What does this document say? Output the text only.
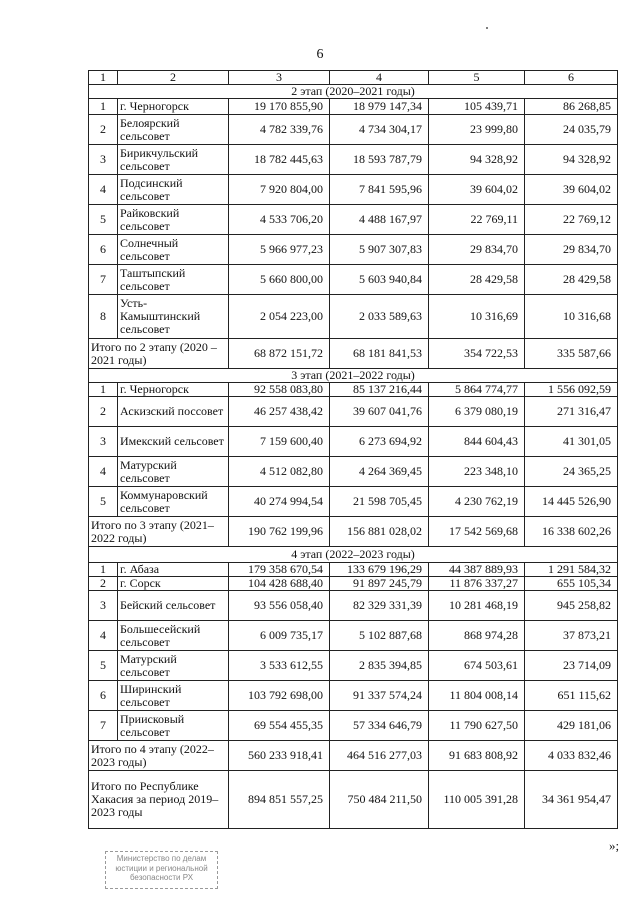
6
1	2	3	4	5	6
2 этап (2020–2021 годы)					
1	г. Черногорск	19 170 855,90	18 979 147,34	105 439,71	86 268,85
2	Белоярский сельсовет	4 782 339,76	4 734 304,17	23 999,80	24 035,79
3	Бирикчульский сельсовет	18 782 445,63	18 593 787,79	94 328,92	94 328,92
4	Подсинский сельсовет	7 920 804,00	7 841 595,96	39 604,02	39 604,02
5	Райковский сельсовет	4 533 706,20	4 488 167,97	22 769,11	22 769,12
6	Солнечный сельсовет	5 966 977,23	5 907 307,83	29 834,70	29 834,70
7	Таштыпский сельсовет	5 660 800,00	5 603 940,84	28 429,58	28 429,58
8	Усть-Камыштинский сельсовет	2 054 223,00	2 033 589,63	10 316,69	10 316,68
Итого по 2 этапу (2020 – 2021 годы)		68 872 151,72	68 181 841,53	354 722,53	335 587,66
3 этап (2021–2022 годы)					
1	г. Черногорск	92 558 083,80	85 137 216,44	5 864 774,77	1 556 092,59
2	Аскизский поссовет	46 257 438,42	39 607 041,76	6 379 080,19	271 316,47
3	Имекский сельсовет	7 159 600,40	6 273 694,92	844 604,43	41 301,05
4	Матурский сельсовет	4 512 082,80	4 264 369,45	223 348,10	24 365,25
5	Коммунаровский сельсовет	40 274 994,54	21 598 705,45	4 230 762,19	14 445 526,90
Итого по 3 этапу (2021– 2022 годы)		190 762 199,96	156 881 028,02	17 542 569,68	16 338 602,26
4 этап (2022–2023 годы)					
1	г. Абаза	179 358 670,54	133 679 196,29	44 387 889,93	1 291 584,32
2	г. Сорск	104 428 688,40	91 897 245,79	11 876 337,27	655 105,34
3	Бейский сельсовет	93 556 058,40	82 329 331,39	10 281 468,19	945 258,82
4	Большесейский сельсовет	6 009 735,17	5 102 887,68	868 974,28	37 873,21
5	Матурский сельсовет	3 533 612,55	2 835 394,85	674 503,61	23 714,09
6	Ширинский сельсовет	103 792 698,00	91 337 574,24	11 804 008,14	651 115,62
7	Приисковый сельсовет	69 554 455,35	57 334 646,79	11 790 627,50	429 181,06
Итого по 4 этапу (2022–2023 годы)		560 233 918,41	464 516 277,03	91 683 808,92	4 033 832,46
Итого по Республике Хакасия за период 2019–2023 годы		894 851 557,25	750 484 211,50	110 005 391,28	34 361 954,47
Министерство по делам
юстиции и региональной
безопасности РХ
»;
